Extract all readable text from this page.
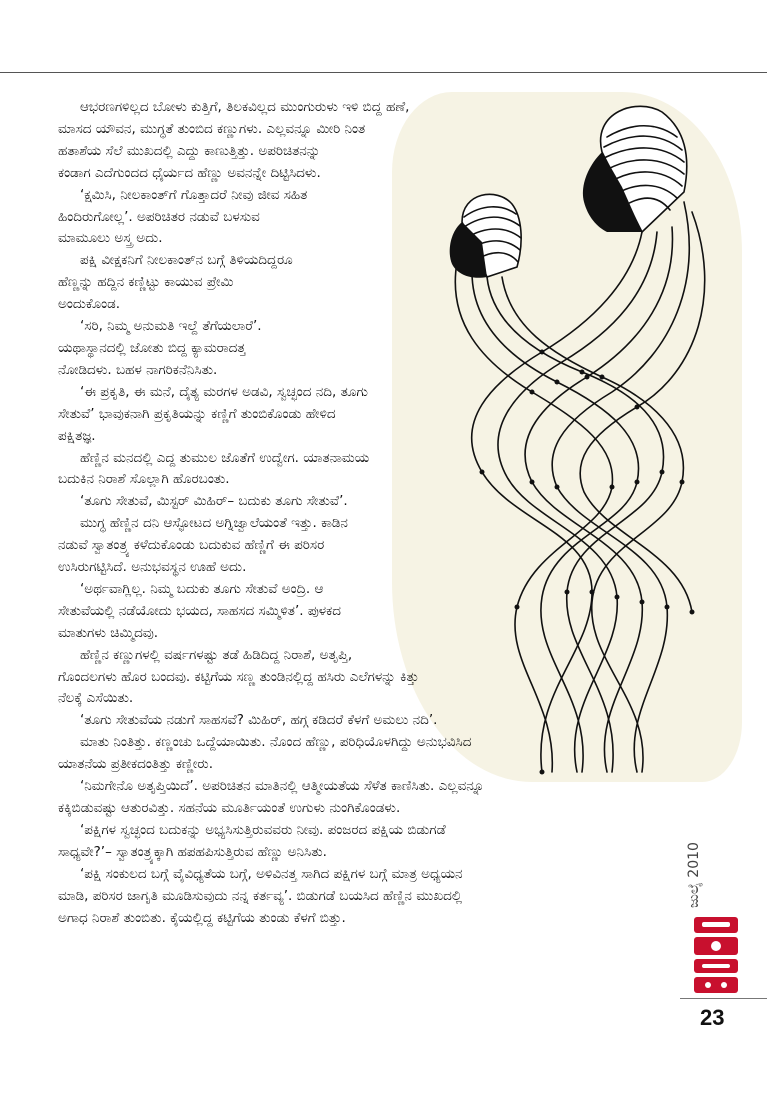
ಆಭರಣಗಳಿಲ್ಲದ ಬೋಳು ಕುತ್ತಿಗೆ, ತಿಲಕವಿಲ್ಲದ ಮುಂಗುರುಳು ಇಳಿ ಬಿದ್ದ ಹಣೆ,
ಮಾಸದ ಯೌವನ, ಮುಗ್ಧತೆ ತುಂಬಿದ ಕಣ್ಣುಗಳು. ಎಲ್ಲವನ್ನೂ ಮೀರಿ ನಿಂತ
ಹತಾಶೆಯ ಸೆಲೆ ಮುಖದಲ್ಲಿ ಎದ್ದು ಕಾಣುತ್ತಿತ್ತು. ಅಪರಿಚಿತನನ್ನು
ಕಂಡಾಗ ಎದೆಗುಂದದ ಧೈರ್ಯದ ಹೆಣ್ಣು ಅವನನ್ನೇ ದಿಟ್ಟಿಸಿದಳು.
‘ಕ್ಷಮಿಸಿ, ನೀಲಕಾಂತ್‌ಗೆ ಗೊತ್ತಾದರೆ ನೀವು ಜೀವ ಸಹಿತ
ಹಿಂದಿರುಗೋಲ್ಲ’. ಅಪರಿಚಿತರ ನಡುವೆ ಬಳಸುವ
ಮಾಮೂಲು ಅಸ್ತ್ರ ಅದು.
ಪಕ್ಷಿ ವೀಕ್ಷಕನಿಗೆ ನೀಲಕಾಂತ್‌ನ ಬಗ್ಗೆ ತಿಳಿಯದಿದ್ದರೂ
ಹೆಣ್ಣನ್ನು ಹದ್ದಿನ ಕಣ್ಣಿಟ್ಟು ಕಾಯುವ ಪ್ರೇಮಿ
ಅಂದುಕೊಂಡ.
‘ಸರಿ, ನಿಮ್ಮ ಅನುಮತಿ ಇಲ್ದೆ ತೆಗೆಯಲಾರೆ’.
ಯಥಾಸ್ಥಾನದಲ್ಲಿ ಜೋತು ಬಿದ್ದ ಕ್ಯಾಮರಾದತ್ತ
ನೋಡಿದಳು. ಬಹಳ ನಾಗರಿಕನೆನಿಸಿತು.
‘ಈ ಪ್ರಕೃತಿ, ಈ ಮನೆ, ದೈತ್ಯ ಮರಗಳ ಅಡವಿ, ಸ್ವಚ್ಛಂದ ನದಿ, ತೂಗು
ಸೇತುವೆ’ ಭಾವುಕನಾಗಿ ಪ್ರಕೃತಿಯನ್ನು ಕಣ್ಣಿಗೆ ತುಂಬಿಕೊಂಡು ಹೇಳಿದ
ಪಕ್ಷಿತಜ್ಞ.
ಹೆಣ್ಣಿನ ಮನದಲ್ಲಿ ಎದ್ದ ತುಮುಲ ಜೊತೆಗೆ ಉದ್ವೇಗ. ಯಾತನಾಮಯ
ಬದುಕಿನ ನಿರಾಶೆ ಸೊಲ್ಲಾಗಿ ಹೊರಬಂತು.
‘ತೂಗು ಸೇತುವೆ, ಮಿಸ್ಟರ್ ಮಿಹಿರ್– ಬದುಕು ತೂಗು ಸೇತುವೆ’.
ಮುಗ್ಧ ಹೆಣ್ಣಿನ ದನಿ ಆಸ್ಫೋಟದ ಅಗ್ನಿಜ್ವಾಲೆಯಂತೆ ಇತ್ತು. ಕಾಡಿನ
ನಡುವೆ ಸ್ವಾತಂತ್ರ್ಯ ಕಳೆದುಕೊಂಡು ಬದುಕುವ ಹೆಣ್ಣಿಗೆ ಈ ಪರಿಸರ
ಉಸಿರುಗಟ್ಟಿಸಿದೆ. ಅನುಭವಸ್ಥನ ಊಹೆ ಅದು.
‘ಅರ್ಥವಾಗ್ಲಿಲ್ಲ. ನಿಮ್ಮ ಬದುಕು ತೂಗು ಸೇತುವೆ ಅಂದ್ರಿ. ಆ
ಸೇತುವೆಯಲ್ಲಿ ನಡೆಯೋದು ಭಯದ, ಸಾಹಸದ ಸಮ್ಮಿಳಿತ’. ಪುಳಕದ
ಮಾತುಗಳು ಚಿಮ್ಮಿದವು.
ಹೆಣ್ಣಿನ ಕಣ್ಣುಗಳಲ್ಲಿ ವರ್ಷಗಳಷ್ಟು ತಡೆ ಹಿಡಿದಿದ್ದ ನಿರಾಶೆ, ಅತೃಪ್ತಿ,
ಗೊಂದಲಗಳು ಹೊರ ಬಂದವು. ಕಟ್ಟಿಗೆಯ ಸಣ್ಣ ತುಂಡಿನಲ್ಲಿದ್ದ ಹಸಿರು ಎಲೆಗಳನ್ನು ಕಿತ್ತು
ನೆಲಕ್ಕೆ ಎಸೆಯಿತು.
‘ತೂಗು ಸೇತುವೆಯ ನಡುಗೆ ಸಾಹಸವೆ? ಮಿಹಿರ್, ಹಗ್ಗ ಕಡಿದರೆ ಕೆಳಗೆ ಅಮಲು ನದಿ’.
ಮಾತು ನಿಂತಿತ್ತು. ಕಣ್ಣಂಚು ಒದ್ದೆಯಾಯಿತು. ನೊಂದ ಹೆಣ್ಣು, ಪರಿಧಿಯೊಳಗಿದ್ದು ಅನುಭವಿಸಿದ
ಯಾತನೆಯ ಪ್ರತೀಕದಂತಿತ್ತು ಕಣ್ಣೀರು.
‘ನಿಮಗೇನೊ ಅತೃಪ್ತಿಯಿದೆ’. ಅಪರಿಚಿತನ ಮಾತಿನಲ್ಲಿ ಆತ್ಮೀಯತೆಯ ಸೆಳೆತ ಕಾಣಿಸಿತು. ಎಲ್ಲವನ್ನೂ
ಕಕ್ಕಿಬಿಡುವಷ್ಟು ಆತುರವಿತ್ತು. ಸಹನೆಯ ಮೂರ್ತಿಯಂತೆ ಉಗುಳು ನುಂಗಿಕೊಂಡಳು.
‘ಪಕ್ಷಿಗಳ ಸ್ವಚ್ಛಂದ ಬದುಕನ್ನು ಅಭ್ಯಸಿಸುತ್ತಿರುವವರು ನೀವು. ಪಂಜರದ ಪಕ್ಷಿಯ ಬಿಡುಗಡೆ
ಸಾಧ್ಯವೇ?’– ಸ್ವಾತಂತ್ರ್ಯಕ್ಕಾಗಿ ಹಪಹಪಿಸುತ್ತಿರುವ ಹೆಣ್ಣು ಅನಿಸಿತು.
‘ಪಕ್ಷಿ ಸಂಕುಲದ ಬಗ್ಗೆ ವೈವಿಧ್ಯತೆಯ ಬಗ್ಗೆ, ಅಳಿವಿನತ್ತ ಸಾಗಿದ ಪಕ್ಷಿಗಳ ಬಗ್ಗೆ ಮಾತ್ರ ಅಧ್ಯಯನ
ಮಾಡಿ, ಪರಿಸರ ಜಾಗೃತಿ ಮೂಡಿಸುವುದು ನನ್ನ ಕರ್ತವ್ಯ’. ಬಿಡುಗಡೆ ಬಯಸಿದ ಹೆಣ್ಣಿನ ಮುಖದಲ್ಲಿ
ಅಗಾಧ ನಿರಾಶೆ ತುಂಬಿತು. ಕೈಯಲ್ಲಿದ್ದ ಕಟ್ಟಿಗೆಯ ತುಂಡು ಕೆಳಗೆ ಬಿತ್ತು.
ಜುಲೈ 2010
23
